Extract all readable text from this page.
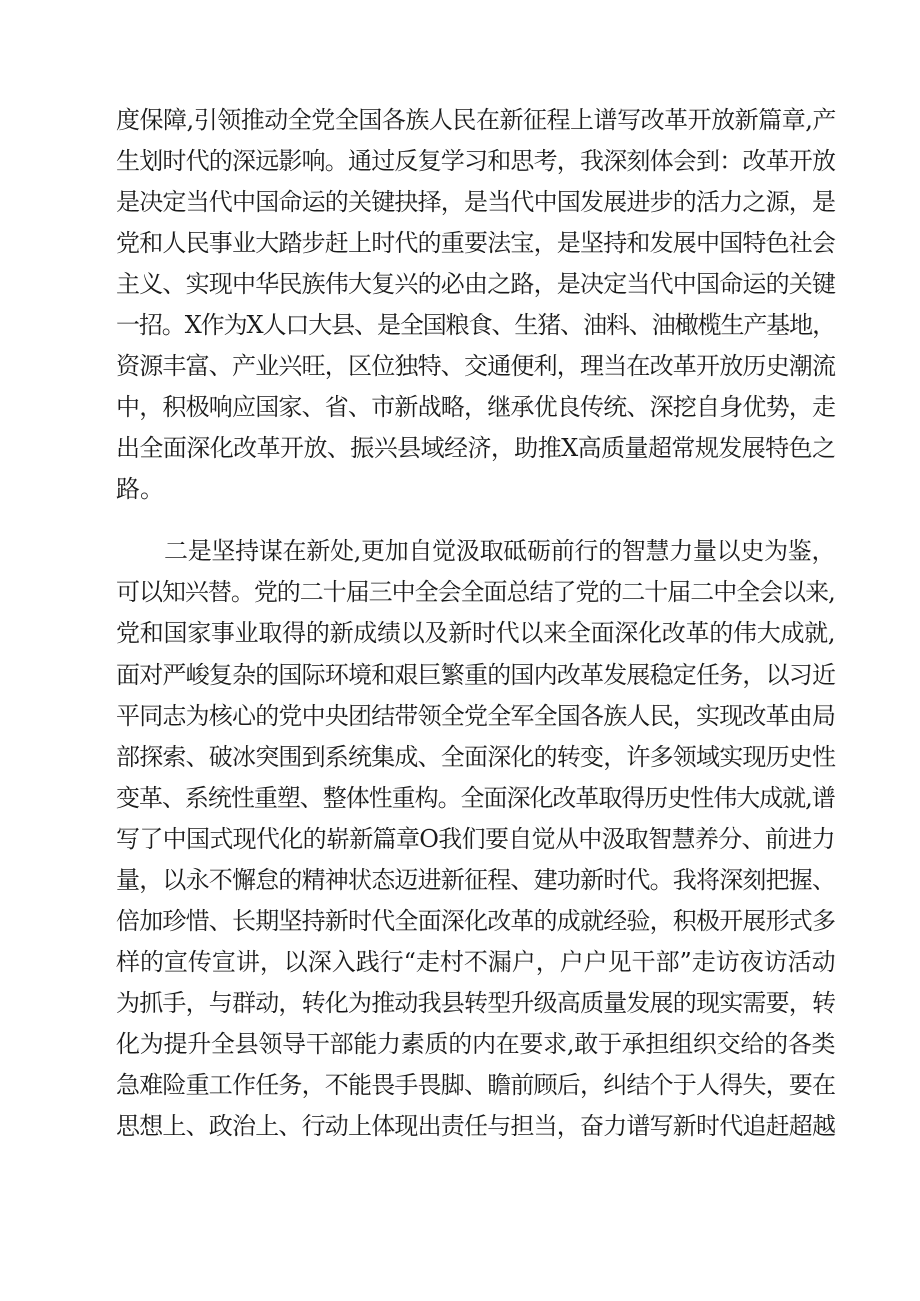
度保障,引领推动全党全国各族人民在新征程上谱写改革开放新篇章,产

生划时代的深远影响。通过反复学习和思考，我深刻体会到：改革开放

是决定当代中国命运的关键抉择，是当代中国发展进步的活力之源，是

党和人民事业大踏步赶上时代的重要法宝，是坚持和发展中国特色社会

主义、实现中华民族伟大复兴的必由之路，是决定当代中国命运的关键

一招。X作为X人口大县、是全国粮食、生猪、油料、油橄榄生产基地，

资源丰富、产业兴旺，区位独特、交通便利，理当在改革开放历史潮流

中，积极响应国家、省、市新战略，继承优良传统、深挖自身优势，走

出全面深化改革开放、振兴县域经济，助推X高质量超常规发展特色之

路。

二是坚持谋在新处,更加自觉汲取砥砺前行的智慧力量以史为鉴，

可以知兴替。党的二十届三中全会全面总结了党的二十届二中全会以来,

党和国家事业取得的新成绩以及新时代以来全面深化改革的伟大成就,

面对严峻复杂的国际环境和艰巨繁重的国内改革发展稳定任务，以习近

平同志为核心的党中央团结带领全党全军全国各族人民，实现改革由局

部探索、破冰突围到系统集成、全面深化的转变，许多领域实现历史性

变革、系统性重塑、整体性重构。全面深化改革取得历史性伟大成就,谱

写了中国式现代化的崭新篇章O我们要自觉从中汲取智慧养分、前进力

量，以永不懈怠的精神状态迈进新征程、建功新时代。我将深刻把握、

倍加珍惜、长期坚持新时代全面深化改革的成就经验，积极开展形式多

样的宣传宣讲，以深入践行“走村不漏户，户户见干部”走访夜访活动

为抓手，与群动，转化为推动我县转型升级高质量发展的现实需要，转

化为提升全县领导干部能力素质的内在要求,敢于承担组织交给的各类

急难险重工作任务，不能畏手畏脚、瞻前顾后，纠结个于人得失，要在

思想上、政治上、行动上体现出责任与担当，奋力谱写新时代追赶超越
